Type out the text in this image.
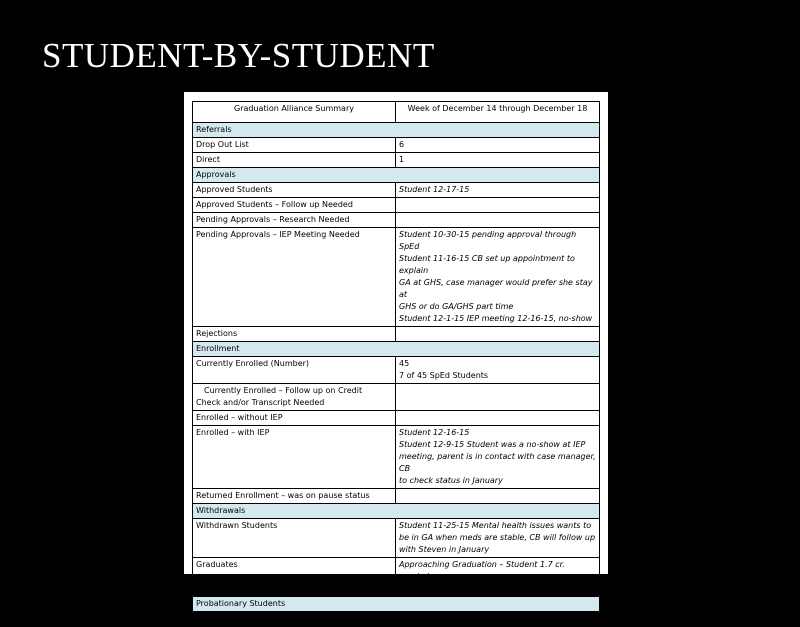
STUDENT-BY-STUDENT
Graduation Alliance Summary	Week of December 14 through December 18
Referrals	
Drop Out List	6
Direct	1
Approvals	
Approved Students	Student 12-17-15
Approved Students – Follow up Needed	
Pending Approvals – Research Needed	
Pending Approvals – IEP Meeting Needed	Student 10-30-15 pending approval through SpEd
Student 11-16-15 CB set up appointment to explain
GA at GHS, case manager would prefer she stay at
GHS or do GA/GHS part time
Student 12-1-15 IEP meeting 12-16-15, no-show

Rejections	
Enrollment	
Currently Enrolled (Number)	45
7 of 45 SpEd Students

Currently Enrolled – Follow up on Credit
Check and/or Transcript Needed	

Enrolled – without IEP	
Enrolled – with IEP	Student 12-16-15
Student 12-9-15 Student was a no-show at IEP
meeting, parent is in contact with case manager, CB
to check status in January

Returned Enrollment – was on pause status	
Withdrawals	
Withdrawn Students	Student 11-25-15 Mental health issues wants to
be in GA when meds are stable, CB will follow up
with Steven in January

Graduates	Approaching Graduation – Student 1.7 cr.
needed
Approaching Graduation – Student 2.0 needed

Probationary Students	
Enrolled but not counted for funding	
